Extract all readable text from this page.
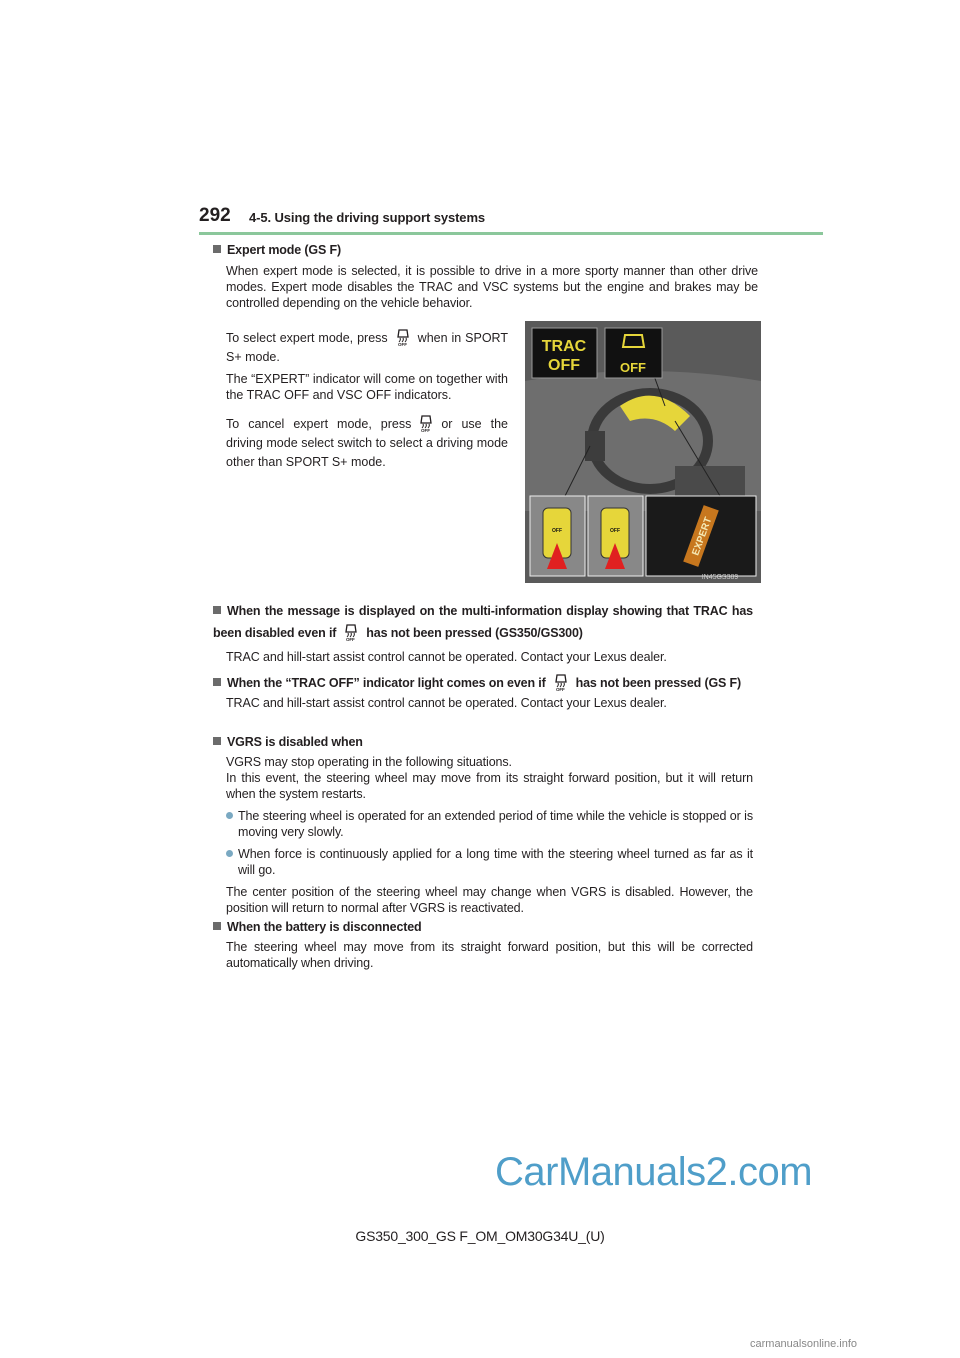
292 4-5. Using the driving support systems
Expert mode (GS F)
When expert mode is selected, it is possible to drive in a more sporty manner than other drive modes. Expert mode disables the TRAC and VSC systems but the engine and brakes may be controlled depending on the vehicle behavior.
To select expert mode, press OFF when in SPORT S+ mode.
The “EXPERT” indicator will come on together with the TRAC OFF and VSC OFF indicators.
To cancel expert mode, press OFF or use the driving mode select switch to select a driving mode other than SPORT S+ mode.
TRAC
OFF	OFF
OFF	OFF	EXPERT
IN45GS389
When the message is displayed on the multi-information display showing that TRAC has been disabled even if OFF has not been pressed (GS350/GS300)
TRAC and hill-start assist control cannot be operated. Contact your Lexus dealer.
When the “TRAC OFF” indicator light comes on even if OFF has not been pressed (GS F)
TRAC and hill-start assist control cannot be operated. Contact your Lexus dealer.
VGRS is disabled when
VGRS may stop operating in the following situations.
In this event, the steering wheel may move from its straight forward position, but it will return when the system restarts.
The steering wheel is operated for an extended period of time while the vehicle is stopped or is moving very slowly.
When force is continuously applied for a long time with the steering wheel turned as far as it will go.
The center position of the steering wheel may change when VGRS is disabled. However, the position will return to normal after VGRS is reactivated.
When the battery is disconnected
The steering wheel may move from its straight forward position, but this will be corrected automatically when driving.
CarManuals2.com
GS350_300_GS F_OM_OM30G34U_(U)
carmanualsonline.info
